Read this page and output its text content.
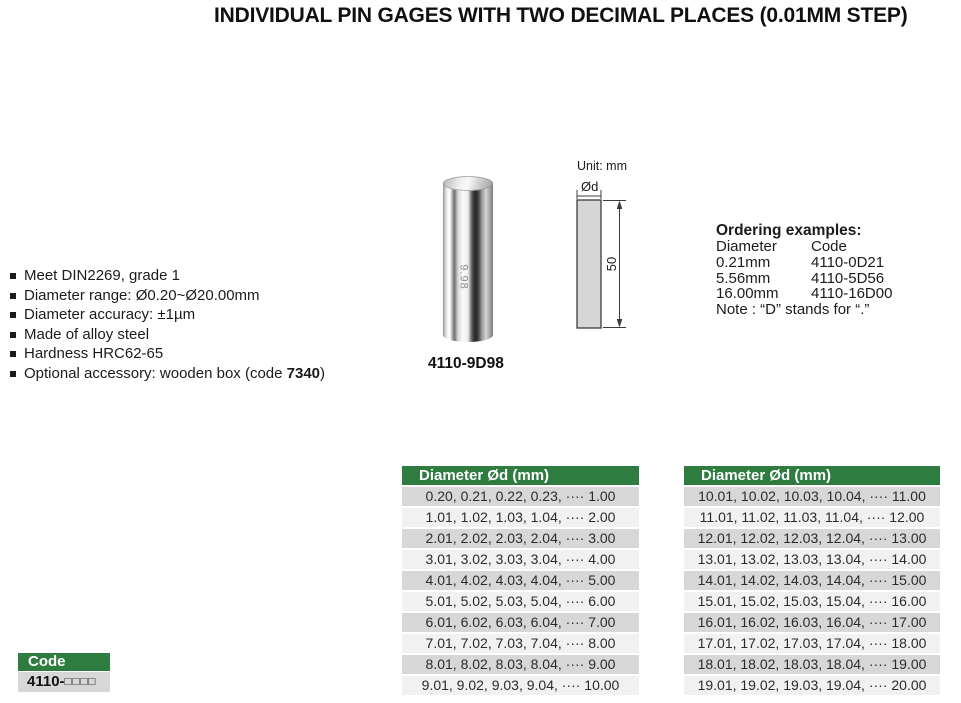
INDIVIDUAL PIN GAGES WITH TWO DECIMAL PLACES (0.01MM STEP)
Meet DIN2269, grade 1
Diameter range: Ø0.20~Ø20.00mm
Diameter accuracy: ±1µm
Made of alloy steel
Hardness HRC62-65
Optional accessory: wooden box (code 7340)
9.98
4110-9D98
Unit: mm
Ød
50
Ordering examples:
Diameter Code
0.21mm	4110-0D21
5.56mm	4110-5D56
16.00mm 4110-16D00
Note : “D” stands for “.”
Code
4110-□□□□
Diameter Ød (mm)
0.20, 0.21, 0.22, 0.23, ···· 1.00
1.01, 1.02, 1.03, 1.04, ···· 2.00
2.01, 2.02, 2.03, 2.04, ···· 3.00
3.01, 3.02, 3.03, 3.04, ···· 4.00
4.01, 4.02, 4.03, 4.04, ···· 5.00
5.01, 5.02, 5.03, 5.04, ···· 6.00
6.01, 6.02, 6.03, 6.04, ···· 7.00
7.01, 7.02, 7.03, 7.04, ···· 8.00
8.01, 8.02, 8.03, 8.04, ···· 9.00
9.01, 9.02, 9.03, 9.04, ···· 10.00
Diameter Ød (mm)
10.01, 10.02, 10.03, 10.04, ···· 11.00
11.01, 11.02, 11.03, 11.04, ···· 12.00
12.01, 12.02, 12.03, 12.04, ···· 13.00
13.01, 13.02, 13.03, 13.04, ···· 14.00
14.01, 14.02, 14.03, 14.04, ···· 15.00
15.01, 15.02, 15.03, 15.04, ···· 16.00
16.01, 16.02, 16.03, 16.04, ···· 17.00
17.01, 17.02, 17.03, 17.04, ···· 18.00
18.01, 18.02, 18.03, 18.04, ···· 19.00
19.01, 19.02, 19.03, 19.04, ···· 20.00
